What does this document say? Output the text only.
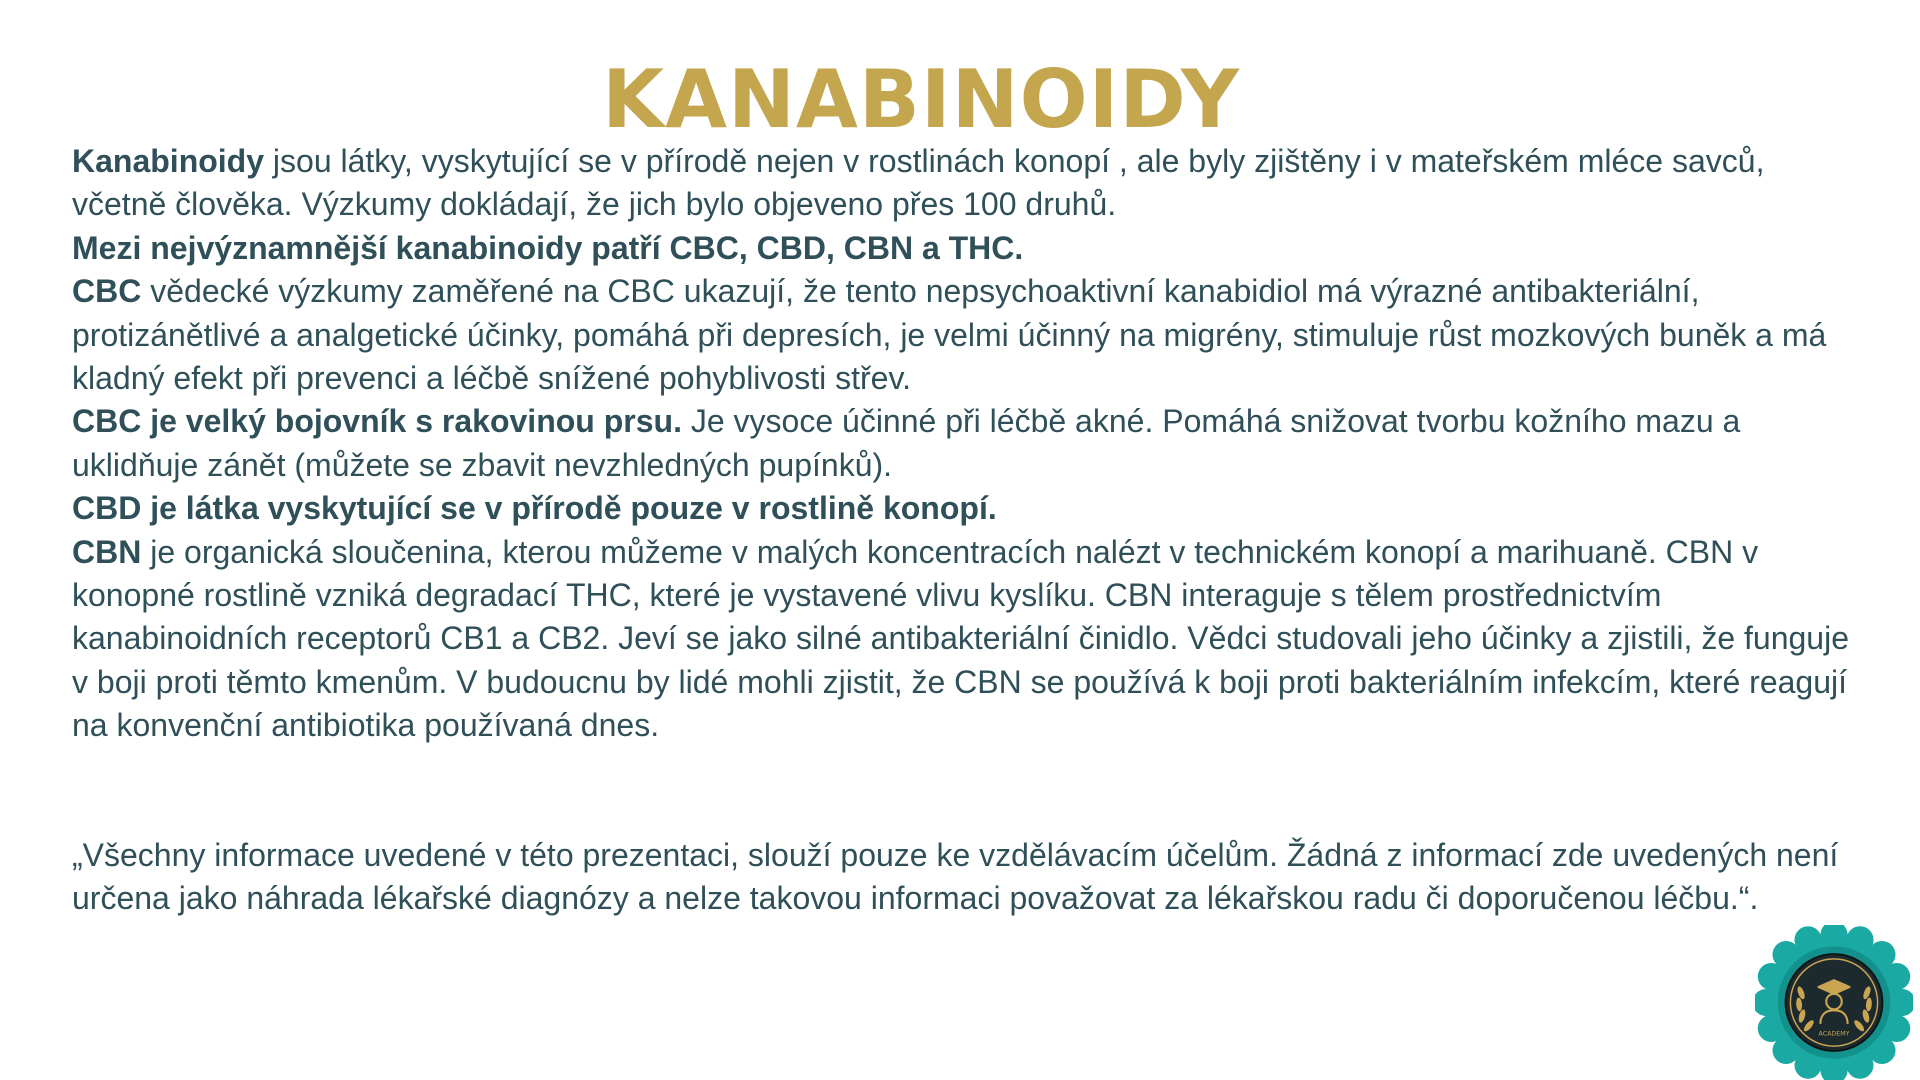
KANABINOIDY

Kanabinoidy jsou látky, vyskytující se v přírodě nejen v rostlinách konopí , ale byly zjištěny i v mateřském mléce savců, včetně člověka. Výzkumy dokládají, že jich bylo objeveno přes 100 druhů.

Mezi nejvýznamnější kanabinoidy patří CBC, CBD, CBN a THC.

CBC vědecké výzkumy zaměřené na CBC ukazují, že tento nepsychoaktivní kanabidiol má výrazné antibakteriální, protizánětlivé a analgetické účinky, pomáhá při depresích, je velmi účinný na migrény, stimuluje růst mozkových buněk a má kladný efekt při prevenci a léčbě snížené pohyblivosti střev.

CBC je velký bojovník s rakovinou prsu. Je vysoce účinné při léčbě akné. Pomáhá snižovat tvorbu kožního mazu a uklidňuje zánět (můžete se zbavit nevzhledných pupínků).

CBD je látka vyskytující se v přírodě pouze v rostlině konopí.

CBN je organická sloučenina, kterou můžeme v malých koncentracích nalézt v technickém konopí a marihuaně. CBN v konopné rostlině vzniká degradací THC, které je vystavené vlivu kyslíku. CBN interaguje s tělem prostřednictvím kanabinoidních receptorů CB1 a CB2. Jeví se jako silné antibakteriální činidlo. Vědci studovali jeho účinky a zjistili, že funguje v boji proti těmto kmenům. V budoucnu by lidé mohli zjistit, že CBN se používá k boji proti bakteriálním infekcím, které reagují na konvenční antibiotika používaná dnes.

„Všechny informace uvedené v této prezentaci, slouží pouze ke vzdělávacím účelům. Žádná z informací zde uvedených není určena jako náhrada lékařské diagnózy a nelze takovou informaci považovat za lékařskou radu či doporučenou léčbu.“.

ACADEMY
